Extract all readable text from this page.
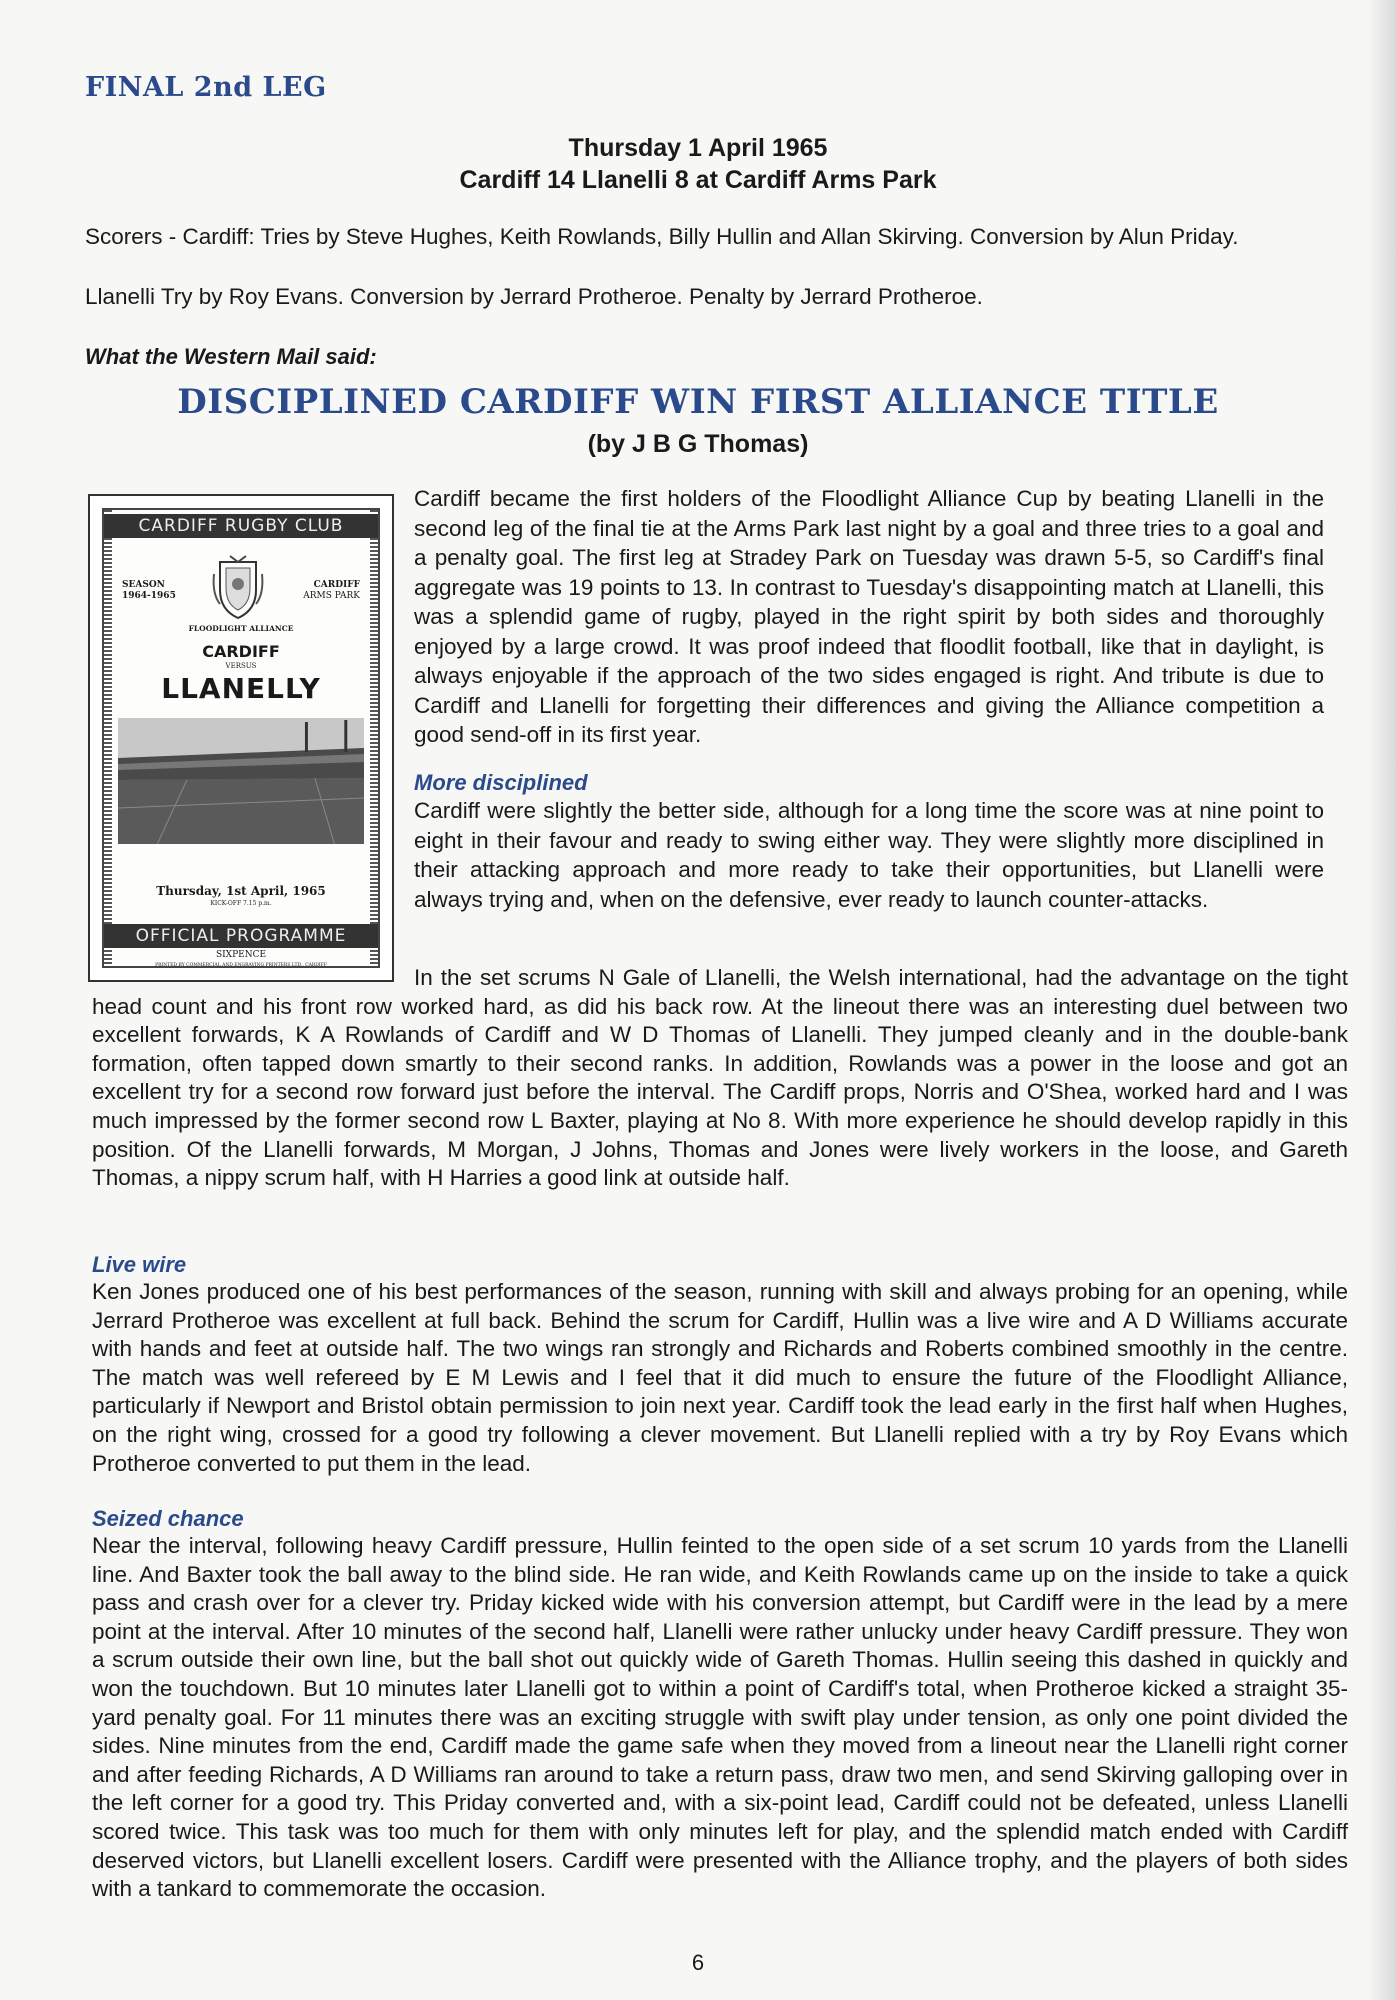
FINAL 2nd LEG
Thursday 1 April 1965
Cardiff 14 Llanelli 8 at Cardiff Arms Park

Scorers - Cardiff: Tries by Steve Hughes, Keith Rowlands, Billy Hullin and Allan Skirving. Conversion by Alun Priday.

Llanelli Try by Roy Evans. Conversion by Jerrard Protheroe. Penalty by Jerrard Protheroe.

What the Western Mail said:
DISCIPLINED CARDIFF WIN FIRST ALLIANCE TITLE
(by J B G Thomas)
CARDIFF RUGBY CLUB
SEASON
1964-1965
CARDIFF
ARMS PARK
FLOODLIGHT ALLIANCE
CARDIFF
VERSUS
LLANELLY
Thursday, 1st April, 1965
KICK-OFF 7.15 p.m.
OFFICIAL PROGRAMME
SIXPENCE
PRINTED BY COMMERCIAL AND ENGRAVING PRINTERS LTD., CARDIFF

Cardiff became the first holders of the Floodlight Alliance Cup by beating Llanelli in the second leg of the final tie at the Arms Park last night by a goal and three tries to a goal and a penalty goal. The first leg at Stradey Park on Tuesday was drawn 5-5, so Cardiff's final aggregate was 19 points to 13. In contrast to Tuesday's disappointing match at Llanelli, this was a splendid game of rugby, played in the right spirit by both sides and thoroughly enjoyed by a large crowd. It was proof indeed that floodlit football, like that in daylight, is always enjoyable if the approach of the two sides engaged is right. And tribute is due to Cardiff and Llanelli for forgetting their differences and giving the Alliance competition a good send-off in its first year.

More disciplined

Cardiff were slightly the better side, although for a long time the score was at nine point to eight in their favour and ready to swing either way. They were slightly more disciplined in their attacking approach and more ready to take their opportunities, but Llanelli were always trying and, when on the defensive, ever ready to launch counter-attacks.

In the set scrums N Gale of Llanelli, the Welsh international, had the advantage on the tight head count and his front row worked hard, as did his back row. At the lineout there was an interesting duel between two excellent forwards, K A Rowlands of Cardiff and W D Thomas of Llanelli. They jumped cleanly and in the double-bank formation, often tapped down smartly to their second ranks. In addition, Rowlands was a power in the loose and got an excellent try for a second row forward just before the interval. The Cardiff props, Norris and O'Shea, worked hard and I was much impressed by the former second row L Baxter, playing at No 8. With more experience he should develop rapidly in this position. Of the Llanelli forwards, M Morgan, J Johns, Thomas and Jones were lively workers in the loose, and Gareth Thomas, a nippy scrum half, with H Harries a good link at outside half.

Live wire

Ken Jones produced one of his best performances of the season, running with skill and always probing for an opening, while Jerrard Protheroe was excellent at full back. Behind the scrum for Cardiff, Hullin was a live wire and A D Williams accurate with hands and feet at outside half. The two wings ran strongly and Richards and Roberts combined smoothly in the centre. The match was well refereed by E M Lewis and I feel that it did much to ensure the future of the Floodlight Alliance, particularly if Newport and Bristol obtain permission to join next year. Cardiff took the lead early in the first half when Hughes, on the right wing, crossed for a good try following a clever movement. But Llanelli replied with a try by Roy Evans which Protheroe converted to put them in the lead.

Seized chance

Near the interval, following heavy Cardiff pressure, Hullin feinted to the open side of a set scrum 10 yards from the Llanelli line. And Baxter took the ball away to the blind side. He ran wide, and Keith Rowlands came up on the inside to take a quick pass and crash over for a clever try. Priday kicked wide with his conversion attempt, but Cardiff were in the lead by a mere point at the interval. After 10 minutes of the second half, Llanelli were rather unlucky under heavy Cardiff pressure. They won a scrum outside their own line, but the ball shot out quickly wide of Gareth Thomas. Hullin seeing this dashed in quickly and won the touchdown. But 10 minutes later Llanelli got to within a point of Cardiff's total, when Protheroe kicked a straight 35-yard penalty goal. For 11 minutes there was an exciting struggle with swift play under tension, as only one point divided the sides. Nine minutes from the end, Cardiff made the game safe when they moved from a lineout near the Llanelli right corner and after feeding Richards, A D Williams ran around to take a return pass, draw two men, and send Skirving galloping over in the left corner for a good try. This Priday converted and, with a six-point lead, Cardiff could not be defeated, unless Llanelli scored twice. This task was too much for them with only minutes left for play, and the splendid match ended with Cardiff deserved victors, but Llanelli excellent losers. Cardiff were presented with the Alliance trophy, and the players of both sides with a tankard to commemorate the occasion.

6
